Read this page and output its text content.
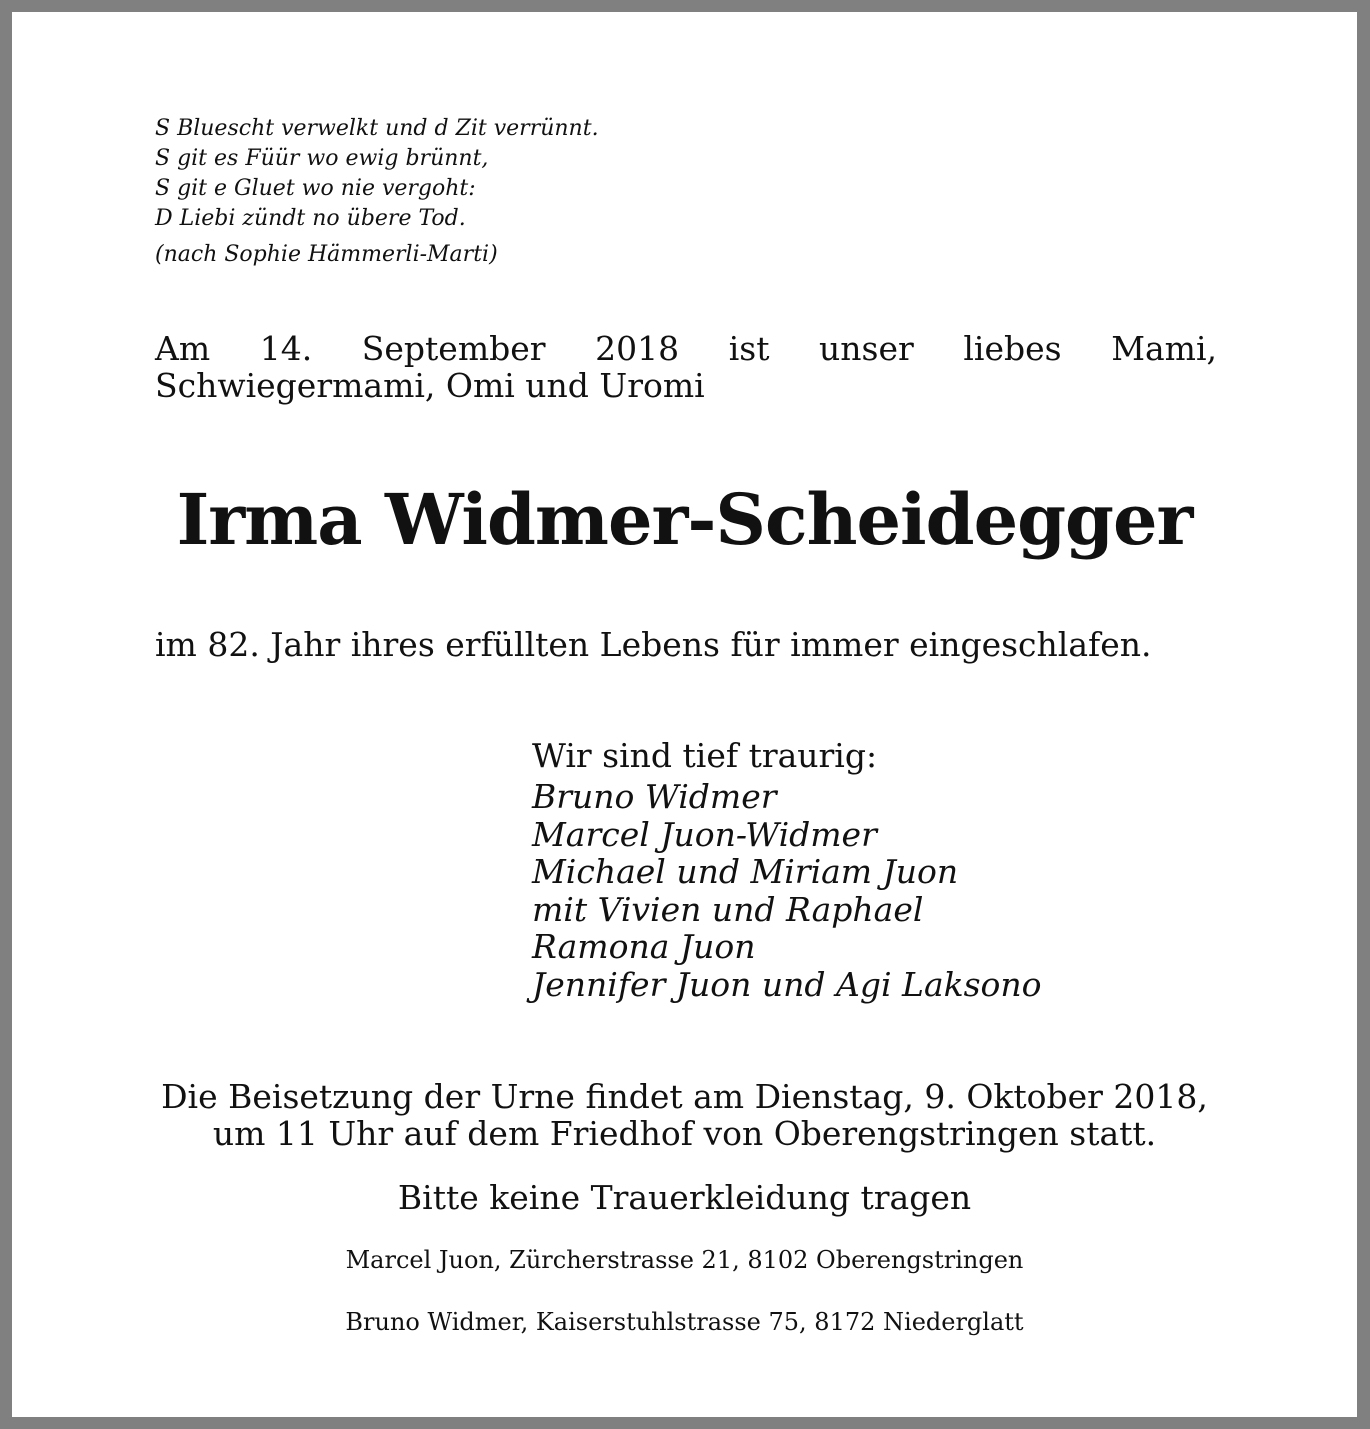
S Bluescht verwelkt und d Zit verrünnt.
S git es Füür wo ewig brünnt,
S git e Gluet wo nie vergoht:
D Liebi zündt no übere Tod.
(nach Sophie Hämmerli-Marti)
Am 14. September 2018 ist unser liebes Mami, Schwiegermami, Omi und Uromi
Irma Widmer-Scheidegger
im 82. Jahr ihres erfüllten Lebens für immer eingeschlafen.
Wir sind tief traurig:
Bruno Widmer
Marcel Juon-Widmer
Michael und Miriam Juon
mit Vivien und Raphael
Ramona Juon
Jennifer Juon und Agi Laksono
Die Beisetzung der Urne findet am Dienstag, 9. Oktober 2018,
um 11 Uhr auf dem Friedhof von Oberengstringen statt.
Bitte keine Trauerkleidung tragen
Marcel Juon, Zürcherstrasse 21, 8102 Oberengstringen
Bruno Widmer, Kaiserstuhlstrasse 75, 8172 Niederglatt
